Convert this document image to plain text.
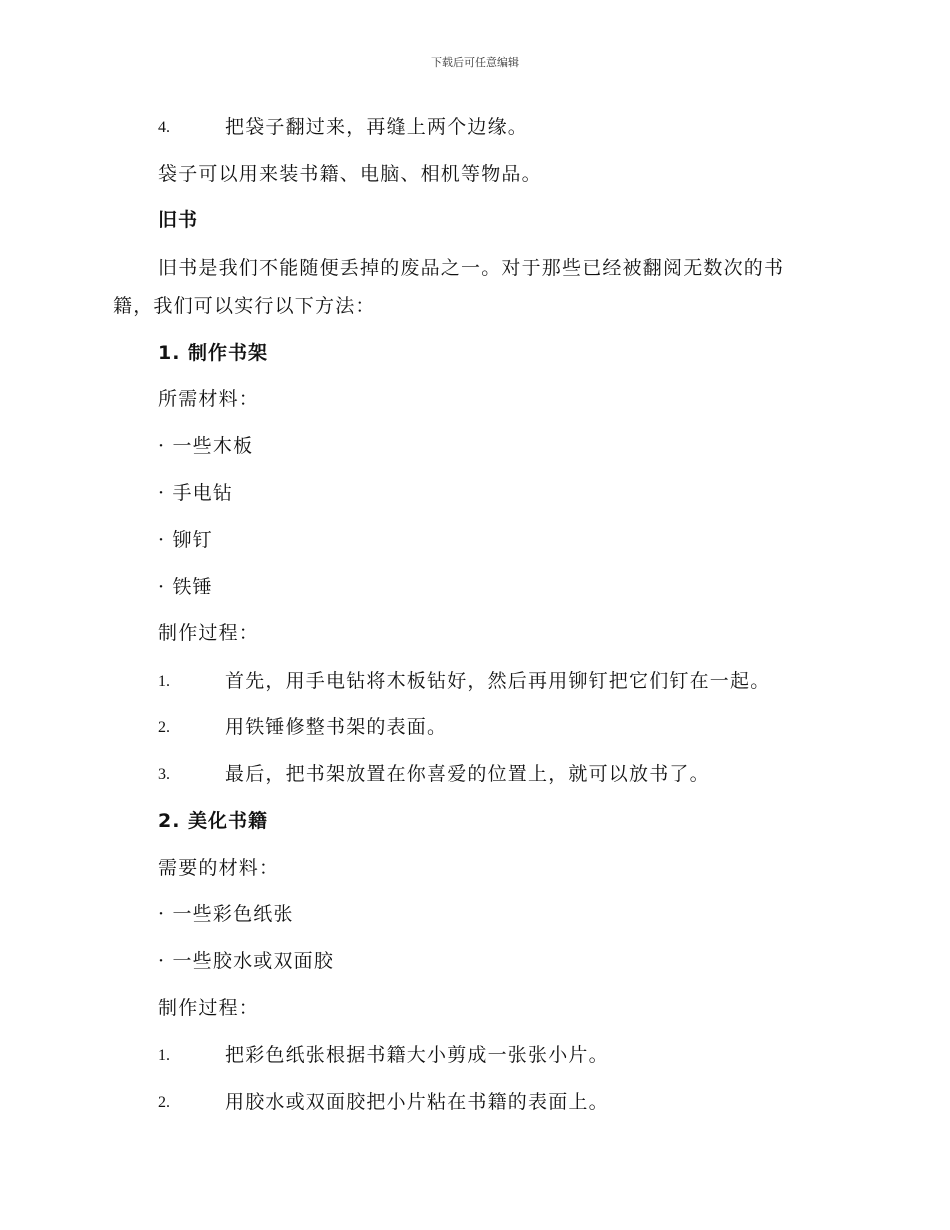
下载后可任意编辑
4.	把袋子翻过来，再缝上两个边缘。
袋子可以用来装书籍、电脑、相机等物品。
旧书
旧书是我们不能随便丢掉的废品之一。对于那些已经被翻阅无数次的书
籍，我们可以实行以下方法：
1. 制作书架
所需材料：
· 一些木板
· 手电钻
· 铆钉
· 铁锤
制作过程：
1.	首先，用手电钻将木板钻好，然后再用铆钉把它们钉在一起。
2.	用铁锤修整书架的表面。
3.	最后，把书架放置在你喜爱的位置上，就可以放书了。
2. 美化书籍
需要的材料：
· 一些彩色纸张
· 一些胶水或双面胶
制作过程：
1.	把彩色纸张根据书籍大小剪成一张张小片。
2.	用胶水或双面胶把小片粘在书籍的表面上。
